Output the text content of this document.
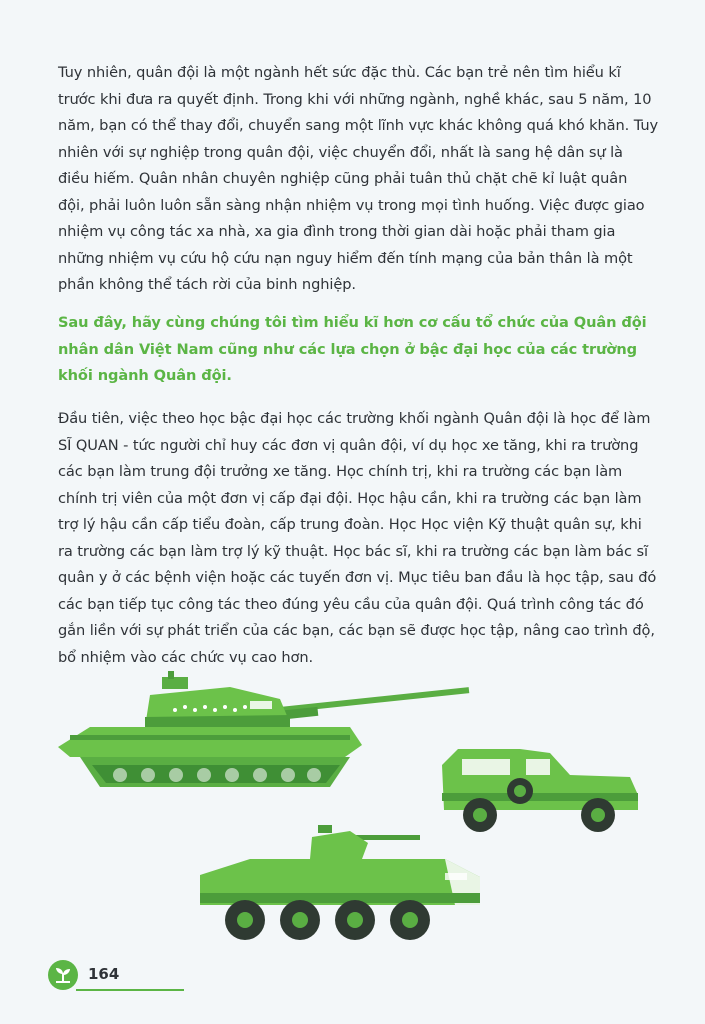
Tuy nhiên, quân đội là một ngành hết sức đặc thù. Các bạn trẻ nên tìm hiểu kĩ trước khi đưa ra quyết định. Trong khi với những ngành, nghề khác, sau 5 năm, 10 năm, bạn có thể thay đổi, chuyển sang một lĩnh vực khác không quá khó khăn. Tuy nhiên với sự nghiệp trong quân đội, việc chuyển đổi, nhất là sang hệ dân sự là điều hiếm. Quân nhân chuyên nghiệp cũng phải tuân thủ chặt chẽ kỉ luật quân đội, phải luôn luôn sẵn sàng nhận nhiệm vụ trong mọi tình huống. Việc được giao nhiệm vụ công tác xa nhà, xa gia đình trong thời gian dài hoặc phải tham gia những nhiệm vụ cứu hộ cứu nạn nguy hiểm đến tính mạng của bản thân là một phần không thể tách rời của binh nghiệp.

Sau đây, hãy cùng chúng tôi tìm hiểu kĩ hơn cơ cấu tổ chức của Quân đội nhân dân Việt Nam cũng như các lựa chọn ở bậc đại học của các trường khối ngành Quân đội.

Đầu tiên, việc theo học bậc đại học các trường khối ngành Quân đội là học để làm SĨ QUAN - tức người chỉ huy các đơn vị quân đội, ví dụ học xe tăng, khi ra trường các bạn làm trung đội trưởng xe tăng. Học chính trị, khi ra trường các bạn làm chính trị viên của một đơn vị cấp đại đội. Học hậu cần, khi ra trường các bạn làm trợ lý hậu cần cấp tiểu đoàn, cấp trung đoàn. Học Học viện Kỹ thuật quân sự, khi ra trường các bạn làm trợ lý kỹ thuật. Học bác sĩ, khi ra trường các bạn làm bác sĩ quân y ở các bệnh viện hoặc các tuyến đơn vị. Mục tiêu ban đầu là học tập, sau đó các bạn tiếp tục công tác theo đúng yêu cầu của quân đội. Quá trình công tác đó gắn liền với sự phát triển của các bạn, các bạn sẽ được học tập, nâng cao trình độ, bổ nhiệm vào các chức vụ cao hơn.

164
